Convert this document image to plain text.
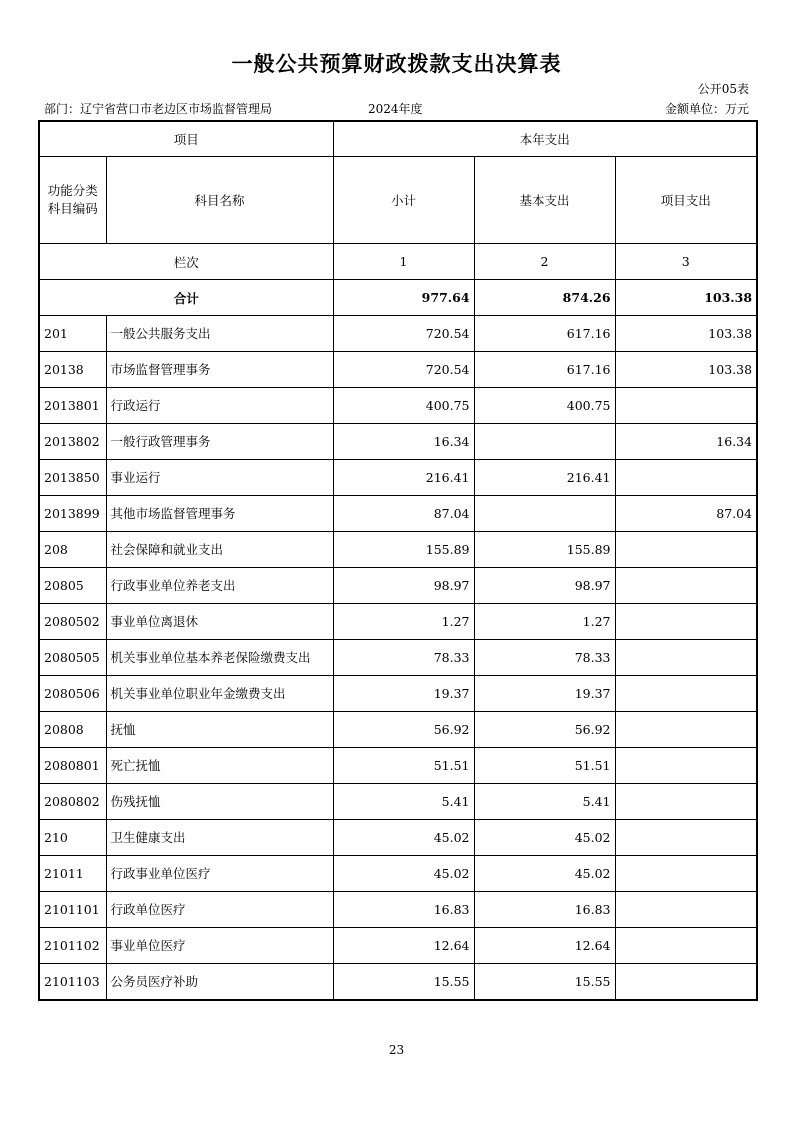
一般公共预算财政拨款支出决算表
公开05表
部门：辽宁省营口市老边区市场监督管理局	2024年度	金额单位：万元
项目		本年支出		
功能分类
科目编码	科目名称	小计	基本支出	项目支出
栏次		1	2	3
合计		977.64	874.26	103.38
201	一般公共服务支出	720.54	617.16	103.38
20138	市场监督管理事务	720.54	617.16	103.38
2013801	行政运行	400.75	400.75	
2013802	一般行政管理事务	16.34		16.34
2013850	事业运行	216.41	216.41	
2013899	其他市场监督管理事务	87.04		87.04
208	社会保障和就业支出	155.89	155.89	
20805	行政事业单位养老支出	98.97	98.97	
2080502	事业单位离退休	1.27	1.27	
2080505	机关事业单位基本养老保险缴费支出	78.33	78.33	
2080506	机关事业单位职业年金缴费支出	19.37	19.37	
20808	抚恤	56.92	56.92	
2080801	死亡抚恤	51.51	51.51	
2080802	伤残抚恤	5.41	5.41	
210	卫生健康支出	45.02	45.02	
21011	行政事业单位医疗	45.02	45.02	
2101101	行政单位医疗	16.83	16.83	
2101102	事业单位医疗	12.64	12.64	
2101103	公务员医疗补助	15.55	15.55	
23
